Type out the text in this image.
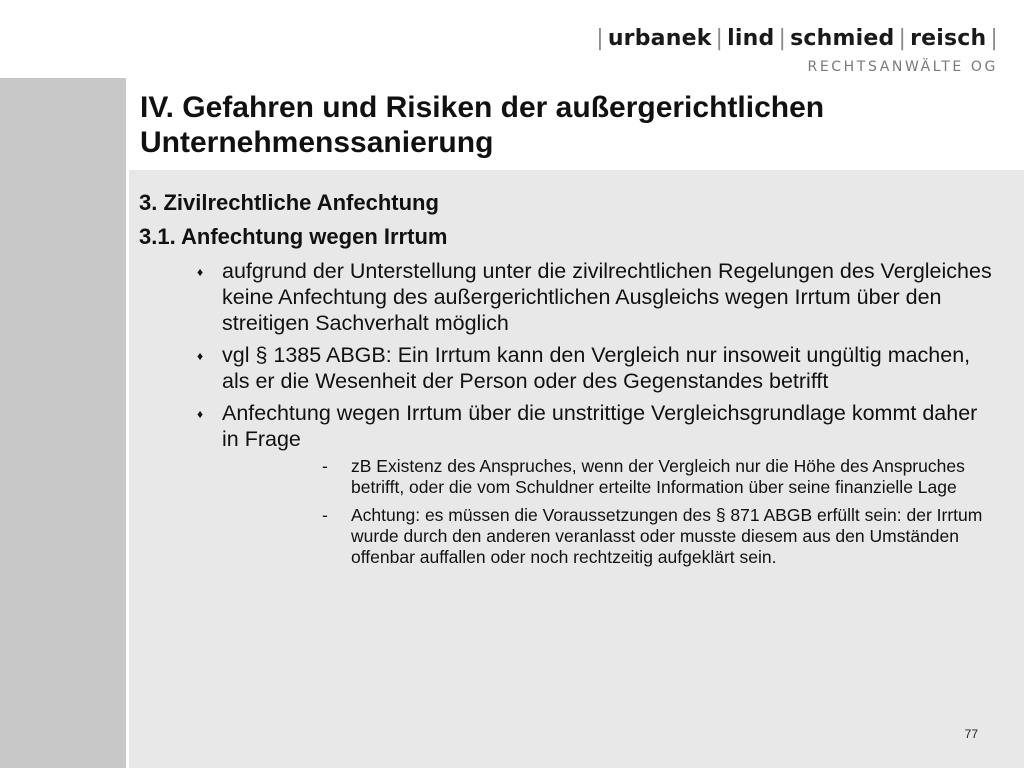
| urbanek | lind | schmied | reisch |
RECHTSANWÄLTE OG
IV. Gefahren und Risiken der außergerichtlichen Unternehmenssanierung
3. Zivilrechtliche Anfechtung
3.1. Anfechtung wegen Irrtum
♦ aufgrund der Unterstellung unter die zivilrechtlichen Regelungen des Vergleiches keine Anfechtung des außergerichtlichen Ausgleichs wegen Irrtum über den streitigen Sachverhalt möglich
♦ vgl § 1385 ABGB: Ein Irrtum kann den Vergleich nur insoweit ungültig machen, als er die Wesenheit der Person oder des Gegenstandes betrifft
♦ Anfechtung wegen Irrtum über die unstrittige Vergleichsgrundlage kommt daher in Frage
- zB Existenz des Anspruches, wenn der Vergleich nur die Höhe des Anspruches betrifft, oder die vom Schuldner erteilte Information über seine finanzielle Lage
- Achtung: es müssen die Voraussetzungen des § 871 ABGB erfüllt sein: der Irrtum wurde durch den anderen veranlasst oder musste diesem aus den Umständen offenbar auffallen oder noch rechtzeitig aufgeklärt sein.
77
